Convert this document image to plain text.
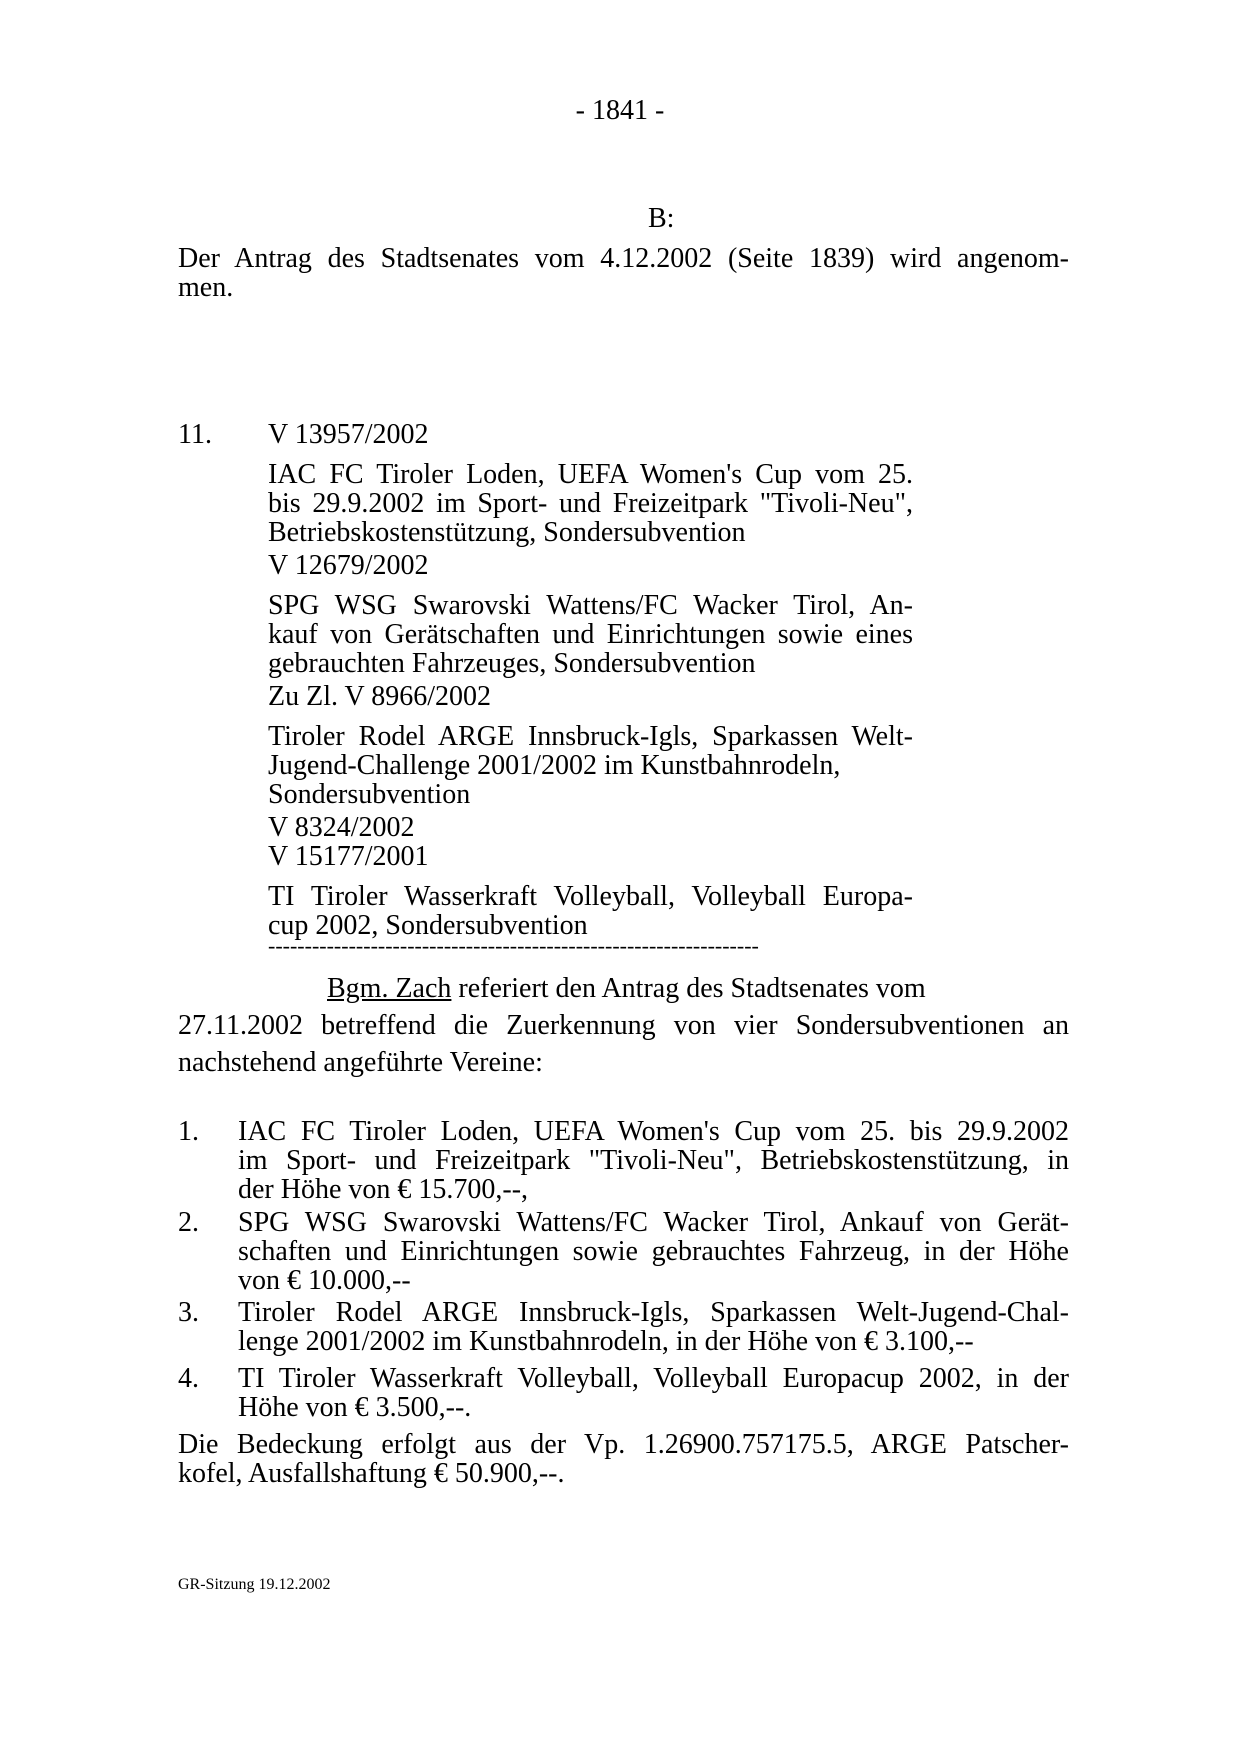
- 1841 -
B:
Der Antrag des Stadtsenates vom 4.12.2002 (Seite 1839) wird angenom-
men.
11. V 13957/2002
IAC FC Tiroler Loden, UEFA Women's Cup vom 25.
bis 29.9.2002 im Sport- und Freizeitpark "Tivoli-Neu",
Betriebskostenstützung, Sondersubvention
V 12679/2002
SPG WSG Swarovski Wattens/FC Wacker Tirol, An-
kauf von Gerätschaften und Einrichtungen sowie eines
gebrauchten Fahrzeuges, Sondersubvention
Zu Zl. V 8966/2002
Tiroler Rodel ARGE Innsbruck-Igls, Sparkassen Welt-
Jugend-Challenge 2001/2002 im Kunstbahnrodeln,
Sondersubvention
V 8324/2002
V 15177/2001
TI Tiroler Wasserkraft Volleyball, Volleyball Europa-
cup 2002, Sondersubvention
-------------------------------------------------------------------
Bgm. Zach referiert den Antrag des Stadtsenates vom
27.11.2002 betreffend die Zuerkennung von vier Sondersubventionen an
nachstehend angeführte Vereine:
1. IAC FC Tiroler Loden, UEFA Women's Cup vom 25. bis 29.9.2002
im Sport- und Freizeitpark "Tivoli-Neu", Betriebskostenstützung, in
der Höhe von € 15.700,--,
2. SPG WSG Swarovski Wattens/FC Wacker Tirol, Ankauf von Gerät-
schaften und Einrichtungen sowie gebrauchtes Fahrzeug, in der Höhe
von € 10.000,--
3. Tiroler Rodel ARGE Innsbruck-Igls, Sparkassen Welt-Jugend-Chal-
lenge 2001/2002 im Kunstbahnrodeln, in der Höhe von € 3.100,--
4. TI Tiroler Wasserkraft Volleyball, Volleyball Europacup 2002, in der
Höhe von € 3.500,--.
Die Bedeckung erfolgt aus der Vp. 1.26900.757175.5, ARGE Patscher-
kofel, Ausfallshaftung € 50.900,--.
GR-Sitzung 19.12.2002
